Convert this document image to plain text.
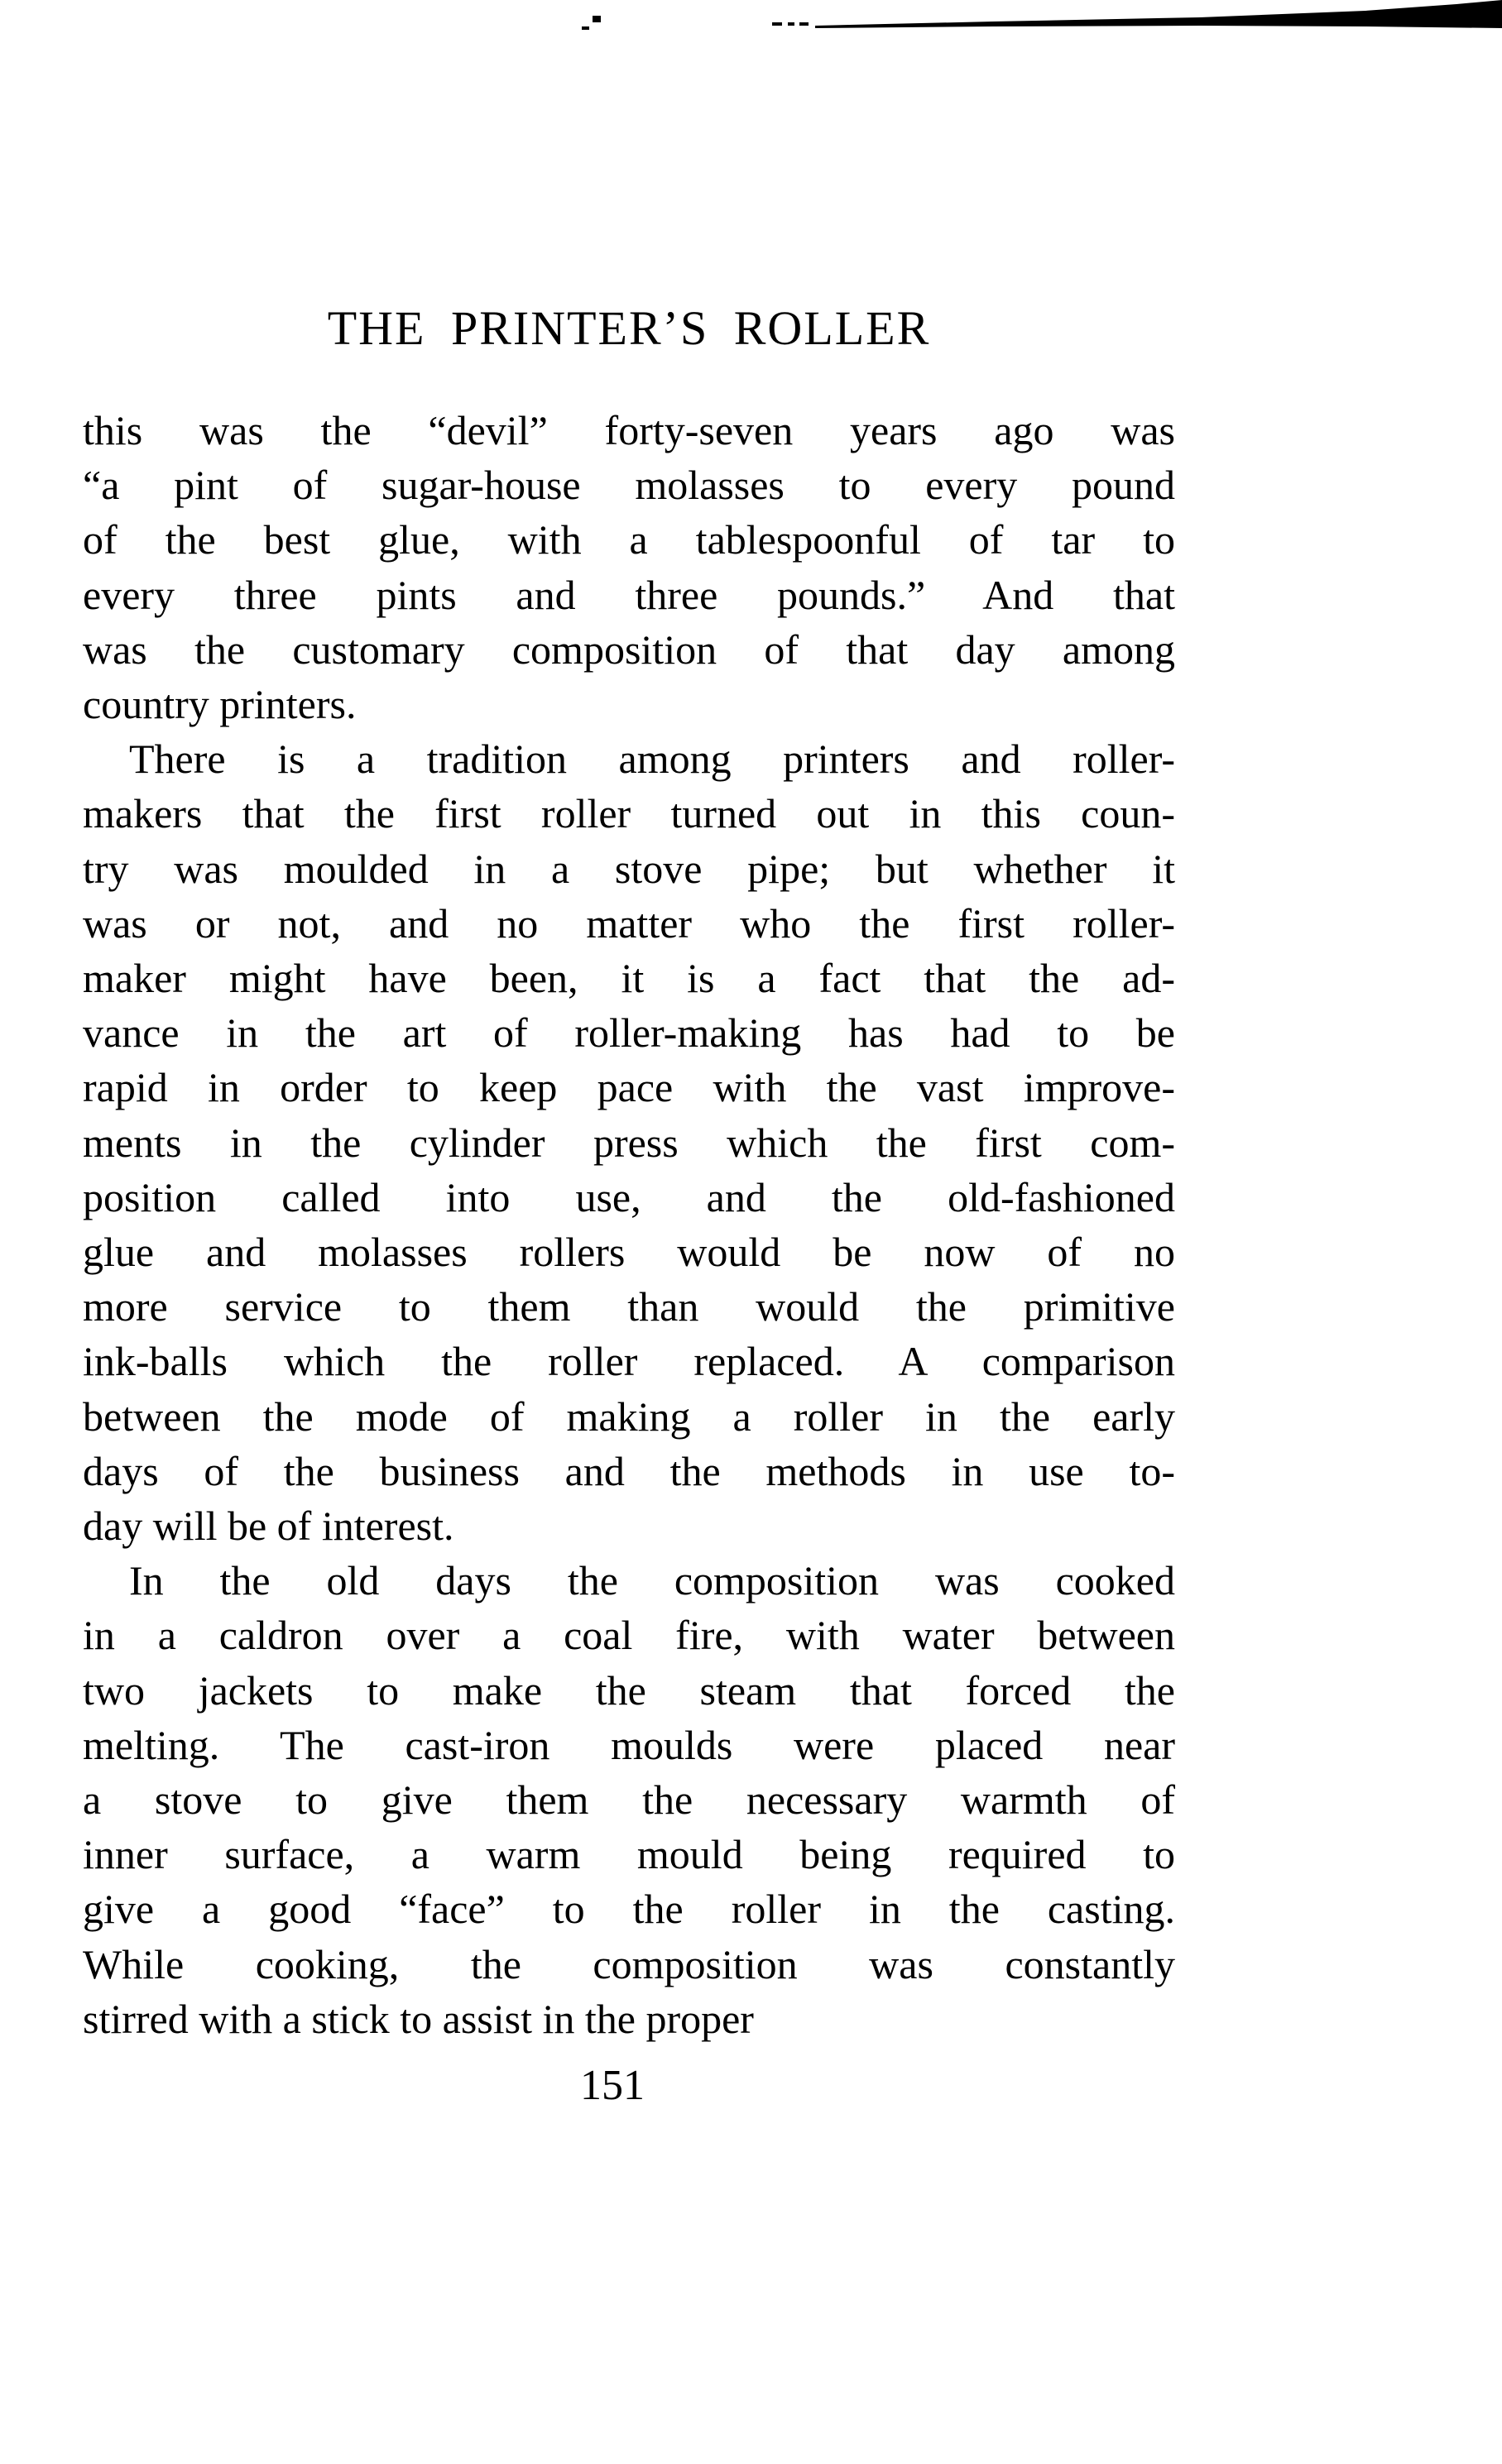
THE PRINTER’S ROLLER
this was the “devil” forty-seven years ago was
“a pint of sugar-house molasses to every pound
of the best glue, with a tablespoonful of tar to
every three pints and three pounds.” And that
was the customary composition of that day among
country printers.
There is a tradition among printers and roller-
makers that the first roller turned out in this coun-
try was moulded in a stove pipe; but whether it
was or not, and no matter who the first roller-
maker might have been, it is a fact that the ad-
vance in the art of roller-making has had to be
rapid in order to keep pace with the vast improve-
ments in the cylinder press which the first com-
position called into use, and the old-fashioned
glue and molasses rollers would be now of no
more service to them than would the primitive
ink-balls which the roller replaced. A comparison
between the mode of making a roller in the early
days of the business and the methods in use to-
day will be of interest.
In the old days the composition was cooked
in a caldron over a coal fire, with water between
two jackets to make the steam that forced the
melting. The cast-iron moulds were placed near
a stove to give them the necessary warmth of
inner surface, a warm mould being required to
give a good “face” to the roller in the casting.
While cooking, the composition was constantly
stirred with a stick to assist in the proper
151
